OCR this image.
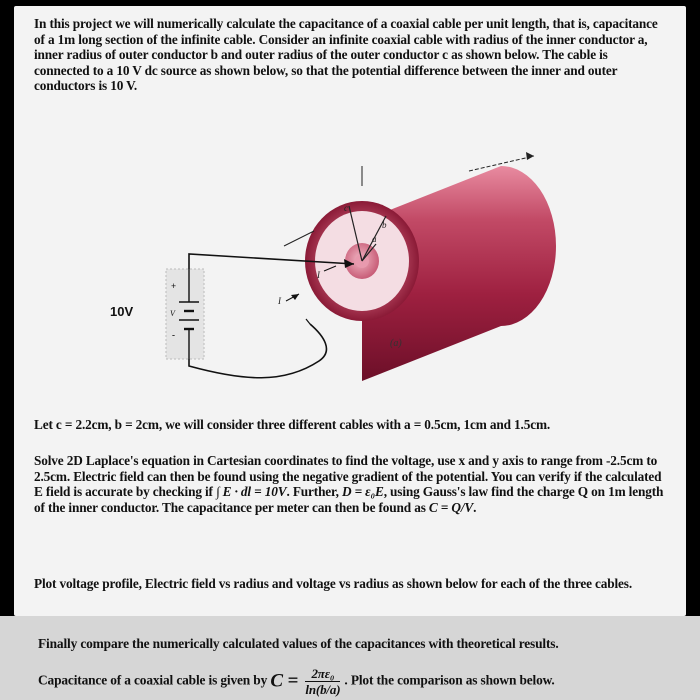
In this project we will numerically calculate the capacitance of a coaxial cable per unit length, that is, capacitance of a 1m long section of the infinite cable. Consider an infinite coaxial cable with radius of the inner conductor a, inner radius of outer conductor b and outer radius of the outer conductor c as shown below. The cable is connected to a 10 V dc source as shown below, so that the potential difference between the inner and outer conductors is 10 V.
c
b
a
I
I
+
V
-
10V
(a)
Let c = 2.2cm, b = 2cm, we will consider three different cables with a = 0.5cm, 1cm and 1.5cm.
Solve 2D Laplace's equation in Cartesian coordinates to find the voltage, use x and y axis to range from -2.5cm to 2.5cm. Electric field can then be found using the negative gradient of the potential. You can verify if the calculated E field is accurate by checking if ∫ E · dl = 10V. Further, D = ε₀E, using Gauss's law find the charge Q on 1m length of the inner conductor. The capacitance per meter can then be found as C = Q/V.
Plot voltage profile, Electric field vs radius and voltage vs radius as shown below for each of the three cables.
Finally compare the numerically calculated values of the capacitances with theoretical results.
Capacitance of a coaxial cable is given by $C = \frac{\text{2πε₀}}{\ln(b/a)}$ . Plot the comparison as shown below.
